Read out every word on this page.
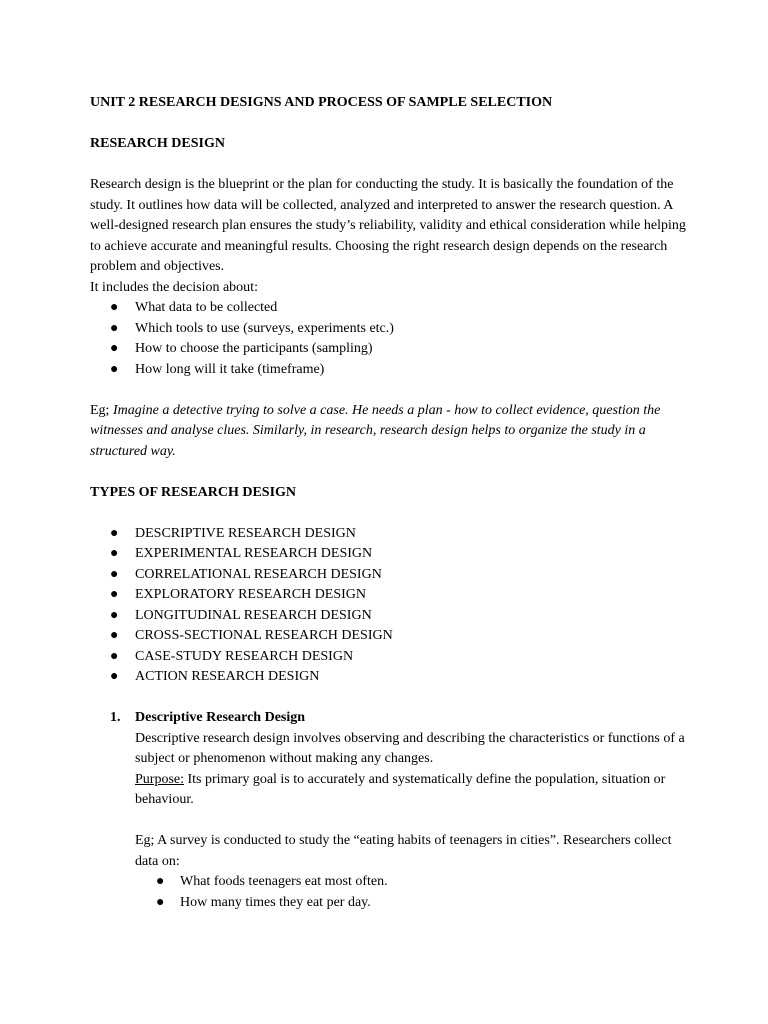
UNIT 2 RESEARCH DESIGNS AND PROCESS OF SAMPLE SELECTION

RESEARCH DESIGN

Research design is the blueprint or the plan for conducting the study. It is basically the foundation of the study. It outlines how data will be collected, analyzed and interpreted to answer the research question. A well-designed research plan ensures the study’s reliability, validity and ethical consideration while helping to achieve accurate and meaningful results. Choosing the right research design depends on the research problem and objectives.

It includes the decision about:

● What data to be collected
● Which tools to use (surveys, experiments etc.)
● How to choose the participants (sampling)
● How long will it take (timeframe)

Eg; Imagine a detective trying to solve a case. He needs a plan - how to collect evidence, question the witnesses and analyse clues. Similarly, in research, research design helps to organize the study in a structured way.

TYPES OF RESEARCH DESIGN

● DESCRIPTIVE RESEARCH DESIGN
● EXPERIMENTAL RESEARCH DESIGN
● CORRELATIONAL RESEARCH DESIGN
● EXPLORATORY RESEARCH DESIGN
● LONGITUDINAL RESEARCH DESIGN
● CROSS-SECTIONAL RESEARCH DESIGN
● CASE-STUDY RESEARCH DESIGN
● ACTION RESEARCH DESIGN
1. Descriptive Research Design
Descriptive research design involves observing and describing the characteristics or functions of a subject or phenomenon without making any changes.
Purpose: Its primary goal is to accurately and systematically define the population, situation or behaviour.
Eg; A survey is conducted to study the “eating habits of teenagers in cities”. Researchers collect data on:
● What foods teenagers eat most often.
● How many times they eat per day.
